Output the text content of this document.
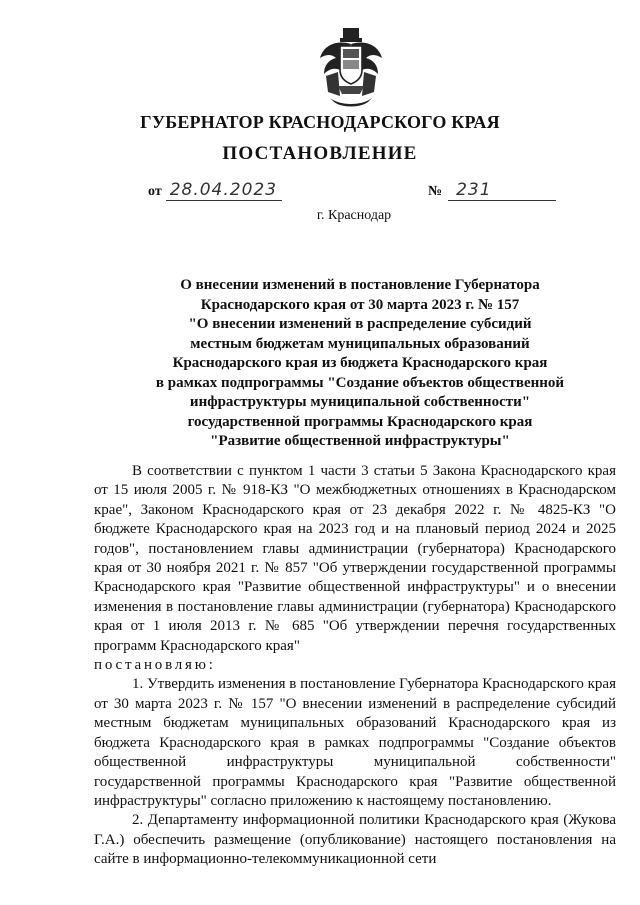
ГУБЕРНАТОР КРАСНОДАРСКОГО КРАЯ
ПОСТАНОВЛЕНИЕ
от 28.04.2023	№ 231
г. Краснодар
О внесении изменений в постановление Губернатора
Краснодарского края от 30 марта 2023 г. № 157
"О внесении изменений в распределение субсидий
местным бюджетам муниципальных образований
Краснодарского края из бюджета Краснодарского края
в рамках подпрограммы "Создание объектов общественной
инфраструктуры муниципальной собственности"
государственной программы Краснодарского края
"Развитие общественной инфраструктуры"

В соответствии с пунктом 1 части 3 статьи 5 Закона Краснодарского края от 15 июля 2005 г. № 918-КЗ "О межбюджетных отношениях в Краснодарском крае", Законом Краснодарского края от 23 декабря 2022 г. № 4825-КЗ "О бюджете Краснодарского края на 2023 год и на плановый период 2024 и 2025 годов", постановлением главы администрации (губернатора) Краснодарского края от 30 ноября 2021 г. № 857 "Об утверждении государственной программы Краснодарского края "Развитие общественной инфраструктуры" и о внесении изменения в постановление главы администрации (губернатора) Краснодарского края от 1 июля 2013 г. № 685 "Об утверждении перечня государственных программ Краснодарского края"

постановляю:

1. Утвердить изменения в постановление Губернатора Краснодарского края от 30 марта 2023 г. № 157 "О внесении изменений в распределение субсидий местным бюджетам муниципальных образований Краснодарского края из бюджета Краснодарского края в рамках подпрограммы "Создание объектов общественной инфраструктуры муниципальной собственности" государственной программы Краснодарского края "Развитие общественной инфраструктуры" согласно приложению к настоящему постановлению.

2. Департаменту информационной политики Краснодарского края (Жукова Г.А.) обеспечить размещение (опубликование) настоящего постановления на сайте в информационно-телекоммуникационной сети
